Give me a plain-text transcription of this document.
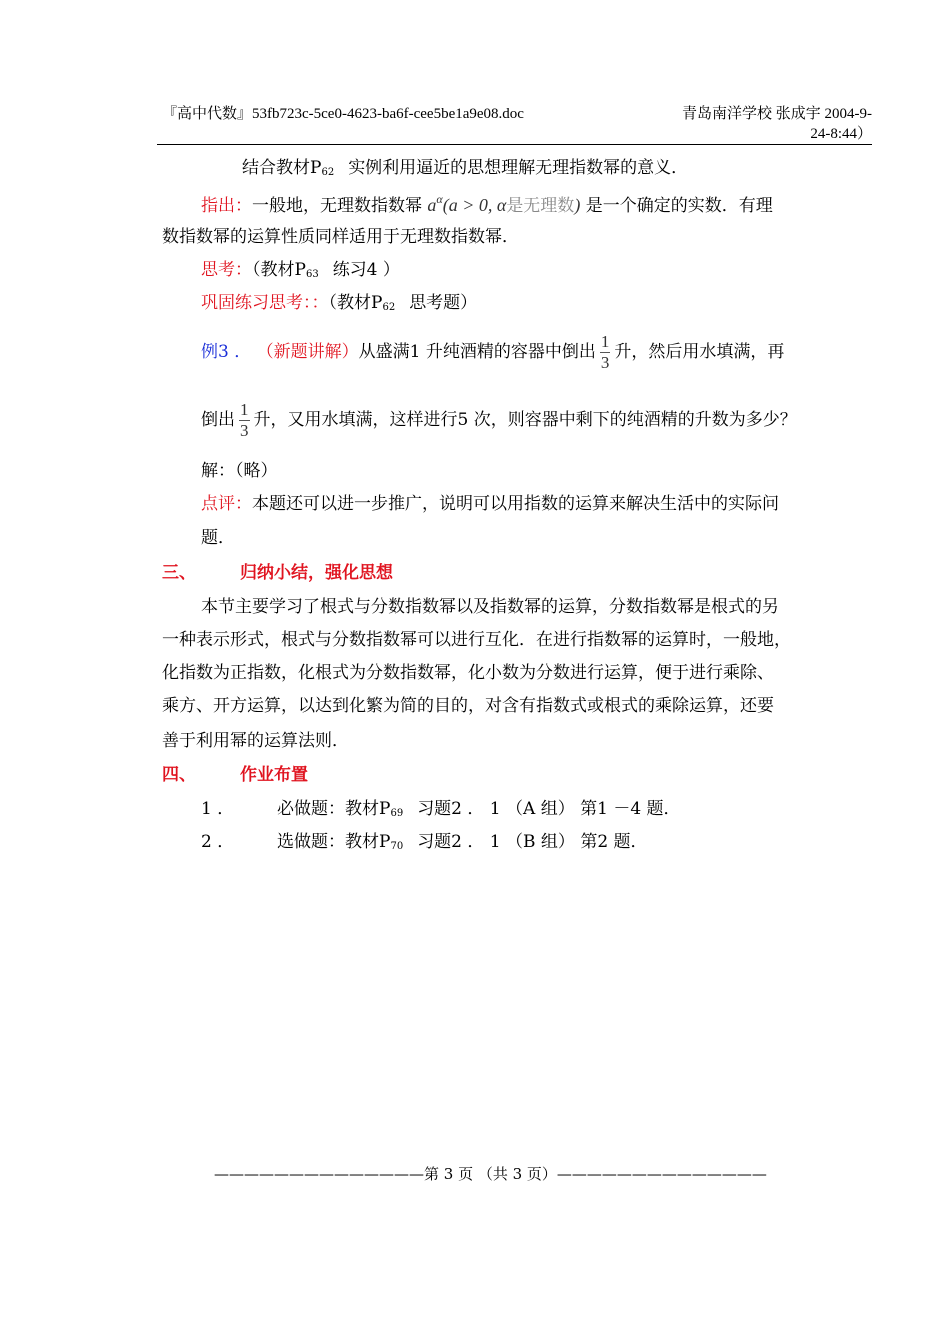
『高中代数』53fb723c-5ce0-4623-ba6f-cee5be1a9e08.doc	青岛南洋学校 张成宇 2004-9-
24-8:44）
结合教材$P_{62}$ 实例利用逼近的思想理解无理指数幂的意义．
指出：一般地，无理数指数幂 $a^\alpha(a > 0$, α是无理数) 是一个确定的实数．有理
数指数幂的运算性质同样适用于无理数指数幂．
思考：（教材$P_{63}$ 练习4 ）
巩固练习思考：：（教材$P_{62}$ 思考题）
例3 ． （新题讲解）从盛满1 升纯酒精的容器中倒出 $\frac{1}{3}$ 升，然后用水填满，再
倒出 $\frac{1}{3}$ 升，又用水填满，这样进行5 次，则容器中剩下的纯酒精的升数为多少？
解：（略）
点评：本题还可以进一步推广，说明可以用指数的运算来解决生活中的实际问
题．
三、	归纳小结，强化思想
本节主要学习了根式与分数指数幂以及指数幂的运算，分数指数幂是根式的另
一种表示形式，根式与分数指数幂可以进行互化．在进行指数幂的运算时，一般地，
化指数为正指数，化根式为分数指数幂，化小数为分数进行运算，便于进行乘除、
乘方、开方运算，以达到化繁为简的目的，对含有指数式或根式的乘除运算，还要
善于利用幂的运算法则．
四、	作业布置
1 ．	必做题：教材$P_{69}$ 习题2 ． 1 （A 组） 第1 －4 题．
2 ．	选做题：教材$P_{70}$ 习题2 ． 1 （B 组） 第2 题．
——————————————第 3 页 （共 3 页）——————————————
